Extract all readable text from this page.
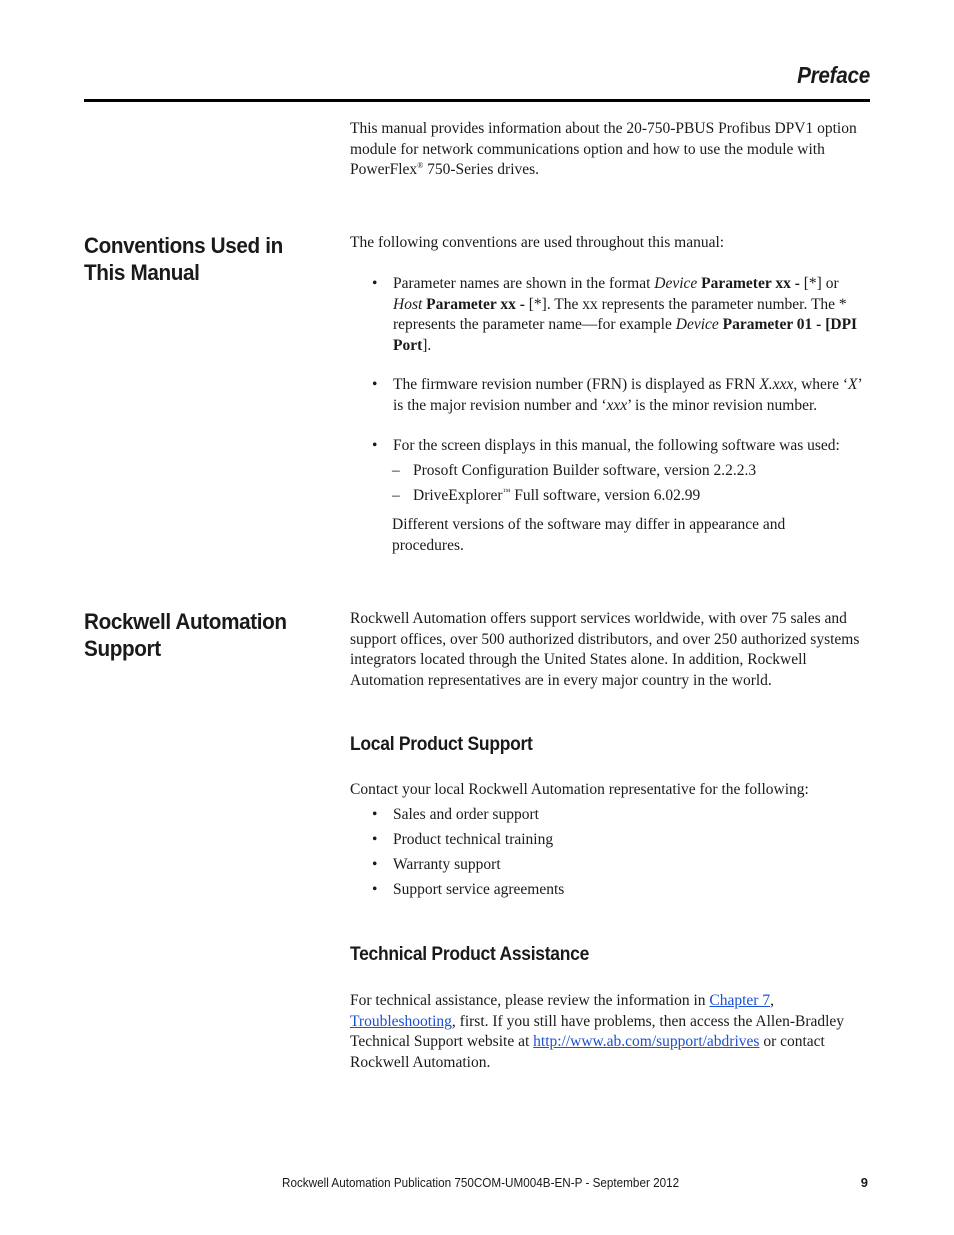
Preface
This manual provides information about the 20-750-PBUS Profibus DPV1 option module for network communications option and how to use the module with PowerFlex® 750-Series drives.
Conventions Used in This Manual
The following conventions are used throughout this manual:
• Parameter names are shown in the format Device Parameter xx - [*] or Host Parameter xx - [*]. The xx represents the parameter number. The * represents the parameter name—for example Device Parameter 01 - [DPI Port].
• The firmware revision number (FRN) is displayed as FRN X.xxx, where ‘X’ is the major revision number and ‘xxx’ is the minor revision number.
• For the screen displays in this manual, the following software was used:
– Prosoft Configuration Builder software, version 2.2.2.3
– DriveExplorer™ Full software, version 6.02.99
Different versions of the software may differ in appearance and procedures.
Rockwell Automation Support
Rockwell Automation offers support services worldwide, with over 75 sales and support offices, over 500 authorized distributors, and over 250 authorized systems integrators located through the United States alone. In addition, Rockwell Automation representatives are in every major country in the world.
Local Product Support
Contact your local Rockwell Automation representative for the following:
• Sales and order support
• Product technical training
• Warranty support
• Support service agreements
Technical Product Assistance
For technical assistance, please review the information in Chapter 7, Troubleshooting, first. If you still have problems, then access the Allen-Bradley Technical Support website at http://www.ab.com/support/abdrives or contact Rockwell Automation.
Rockwell Automation Publication 750COM-UM004B-EN-P - September 2012	9
